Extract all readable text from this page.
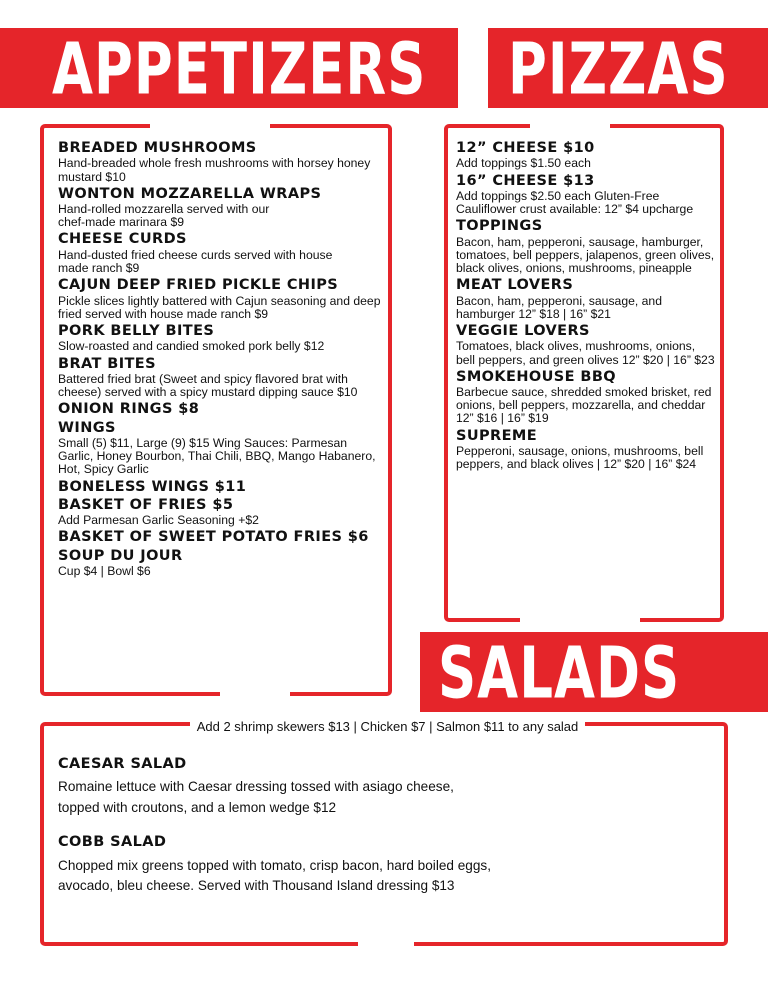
APPETIZERS PIZZAS
SALADS
BREADED MUSHROOMS
Hand-breaded whole fresh mushrooms with horsey honey mustard $10
WONTON MOZZARELLA WRAPS
Hand-rolled mozzarella served with our chef-made marinara $9
CHEESE CURDS
Hand-dusted fried cheese curds served with house made ranch $9
CAJUN DEEP FRIED PICKLE CHIPS
Pickle slices lightly battered with Cajun seasoning and deep fried served with house made ranch $9
PORK BELLY BITES
Slow-roasted and candied smoked pork belly $12
BRAT BITES
Battered fried brat (Sweet and spicy flavored brat with cheese) served with a spicy mustard dipping sauce $10
ONION RINGS $8
WINGS
Small (5) $11, Large (9) $15 Wing Sauces: Parmesan Garlic, Honey Bourbon, Thai Chili, BBQ, Mango Habanero, Hot, Spicy Garlic
BONELESS WINGS $11
BASKET OF FRIES $5
Add Parmesan Garlic Seasoning +$2
BASKET OF SWEET POTATO FRIES $6
SOUP DU JOUR
Cup $4 | Bowl $6
12” CHEESE $10
Add toppings $1.50 each
16” CHEESE $13
Add toppings $2.50 each Gluten-Free Cauliflower crust available: 12” $4 upcharge
TOPPINGS
Bacon, ham, pepperoni, sausage, hamburger, tomatoes, bell peppers, jalapenos, green olives, black olives, onions, mushrooms, pineapple
MEAT LOVERS
Bacon, ham, pepperoni, sausage, and hamburger 12” $18 | 16” $21
VEGGIE LOVERS
Tomatoes, black olives, mushrooms, onions, bell peppers, and green olives 12” $20 | 16” $23
SMOKEHOUSE BBQ
Barbecue sauce, shredded smoked brisket, red onions, bell peppers, mozzarella, and cheddar 12” $16 | 16” $19
SUPREME
Pepperoni, sausage, onions, mushrooms, bell peppers, and black olives | 12” $20 | 16” $24
Add 2 shrimp skewers $13 | Chicken $7 | Salmon $11 to any salad
CAESAR SALAD
Romaine lettuce with Caesar dressing tossed with asiago cheese, topped with croutons, and a lemon wedge $12
COBB SALAD
Chopped mix greens topped with tomato, crisp bacon, hard boiled eggs, avocado, bleu cheese. Served with Thousand Island dressing $13
